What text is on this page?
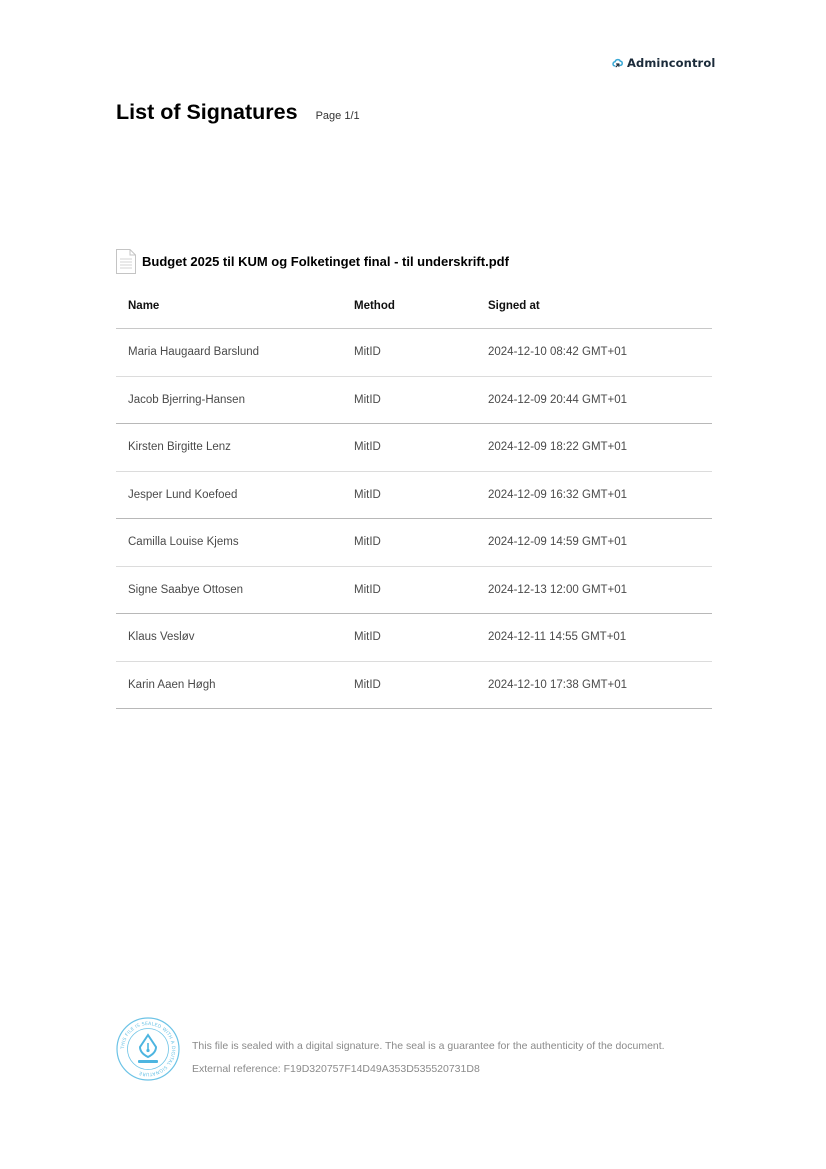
Admincontrol
List of Signatures Page 1/1
Budget 2025 til KUM og Folketinget final - til underskrift.pdf
Name	Method	Signed at
Maria Haugaard Barslund	MitID	2024-12-10 08:42 GMT+01
Jacob Bjerring-Hansen	MitID	2024-12-09 20:44 GMT+01
Kirsten Birgitte Lenz	MitID	2024-12-09 18:22 GMT+01
Jesper Lund Koefoed	MitID	2024-12-09 16:32 GMT+01
Camilla Louise Kjems	MitID	2024-12-09 14:59 GMT+01
Signe Saabye Ottosen	MitID	2024-12-13 12:00 GMT+01
Klaus Vesløv	MitID	2024-12-11 14:55 GMT+01
Karin Aaen Høgh	MitID	2024-12-10 17:38 GMT+01
THIS FILE IS SEALED WITH A DIGITAL SIGNATURE
This file is sealed with a digital signature. The seal is a guarantee for the authenticity of the document.
External reference: F19D320757F14D49A353D535520731D8
